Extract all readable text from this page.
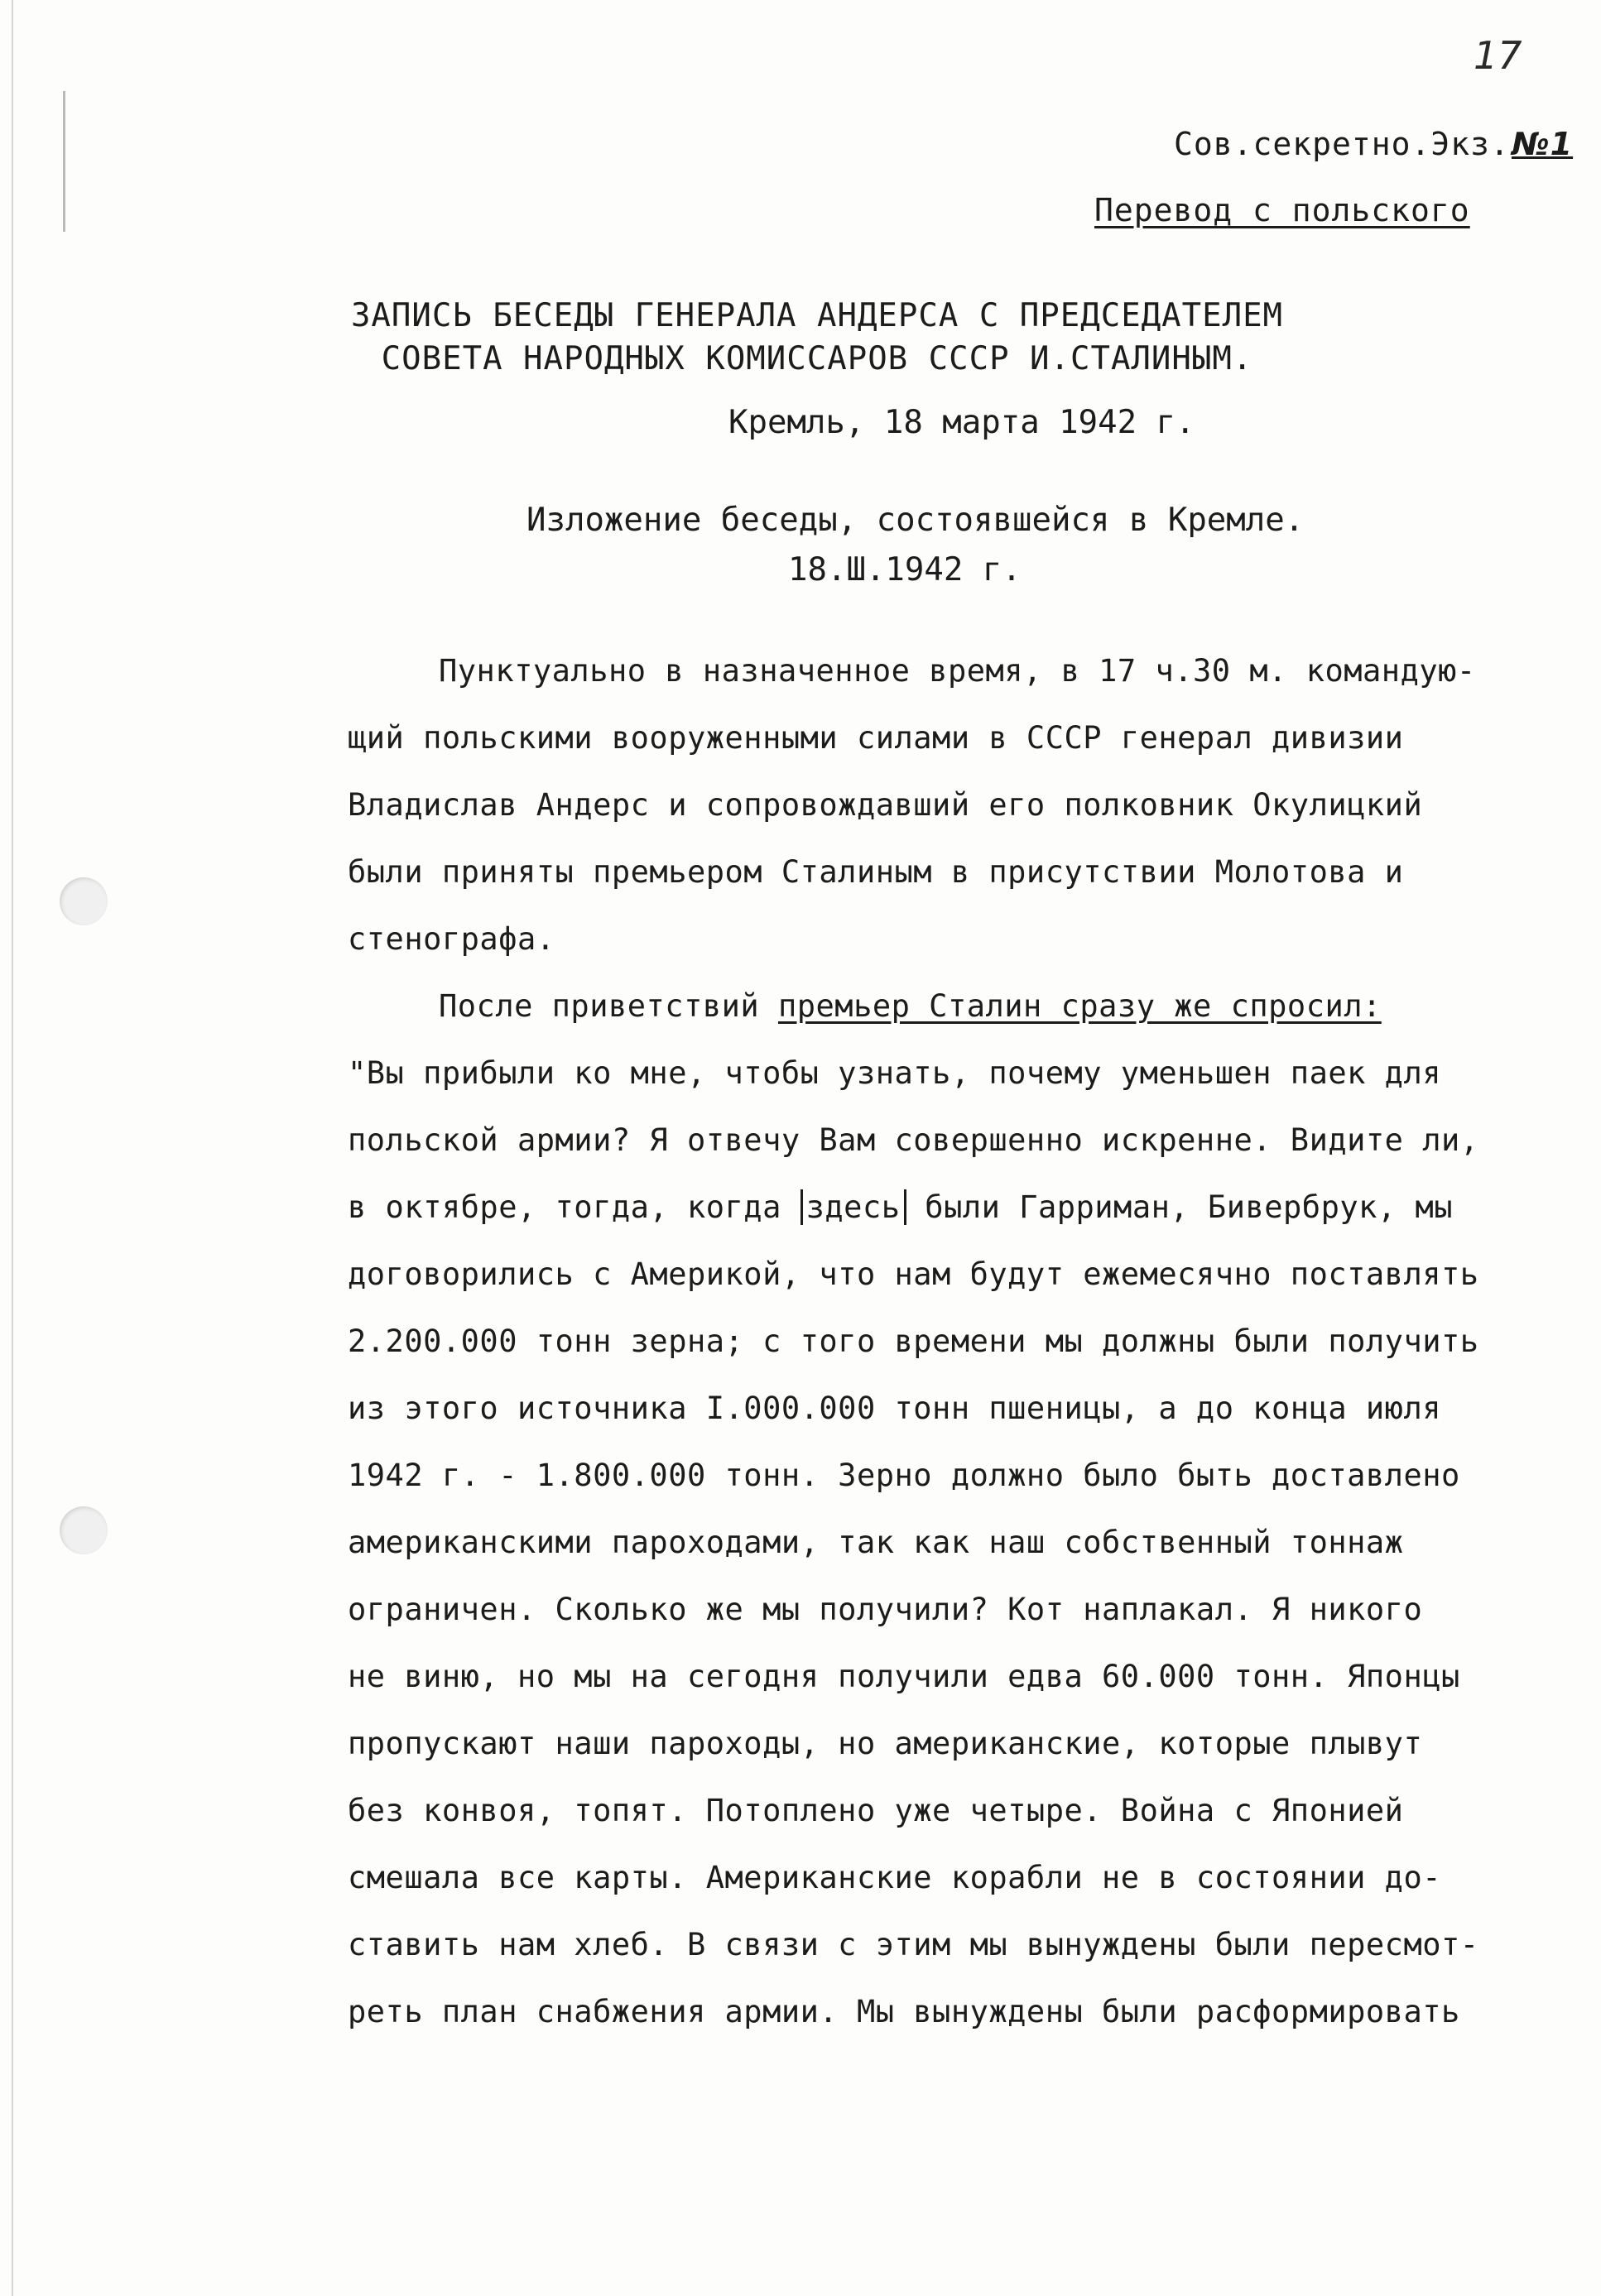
17
Сов.секретно.Экз.№1
Перевод с польского
ЗАПИСЬ БЕСЕДЫ ГЕНЕРАЛА АНДЕРСА С ПРЕДСЕДАТЕЛЕМ
СОВЕТА НАРОДНЫХ КОМИССАРОВ СССР И.СТАЛИНЫМ.
Кремль, 18 марта 1942 г.
Изложение беседы, состоявшейся в Кремле.
18.Ш.1942 г.
Пунктуально в назначенное время, в 17 ч.30 м. командую-
щий польскими вооруженными силами в СССР генерал дивизии
Владислав Андерс и сопровождавший его полковник Окулицкий
были приняты премьером Сталиным в присутствии Молотова и
стенографа.
После приветствий премьер Сталин сразу же спросил:
"Вы прибыли ко мне, чтобы узнать, почему уменьшен паек для
польской армии? Я отвечу Вам совершенно искренне. Видите ли,
в октябре, тогда, когда здесь были Гарриман, Бивербрук, мы
договорились с Америкой, что нам будут ежемесячно поставлять
2.200.000 тонн зерна; с того времени мы должны были получить
из этого источника I.000.000 тонн пшеницы, а до конца июля
1942 г. - 1.800.000 тонн. Зерно должно было быть доставлено
американскими пароходами, так как наш собственный тоннаж
ограничен. Сколько же мы получили? Кот наплакал. Я никого
не виню, но мы на сегодня получили едва 60.000 тонн. Японцы
пропускают наши пароходы, но американские, которые плывут
без конвоя, топят. Потоплено уже четыре. Война с Японией
смешала все карты. Американские корабли не в состоянии до-
ставить нам хлеб. В связи с этим мы вынуждены были пересмот-
реть план снабжения армии. Мы вынуждены были расформировать
